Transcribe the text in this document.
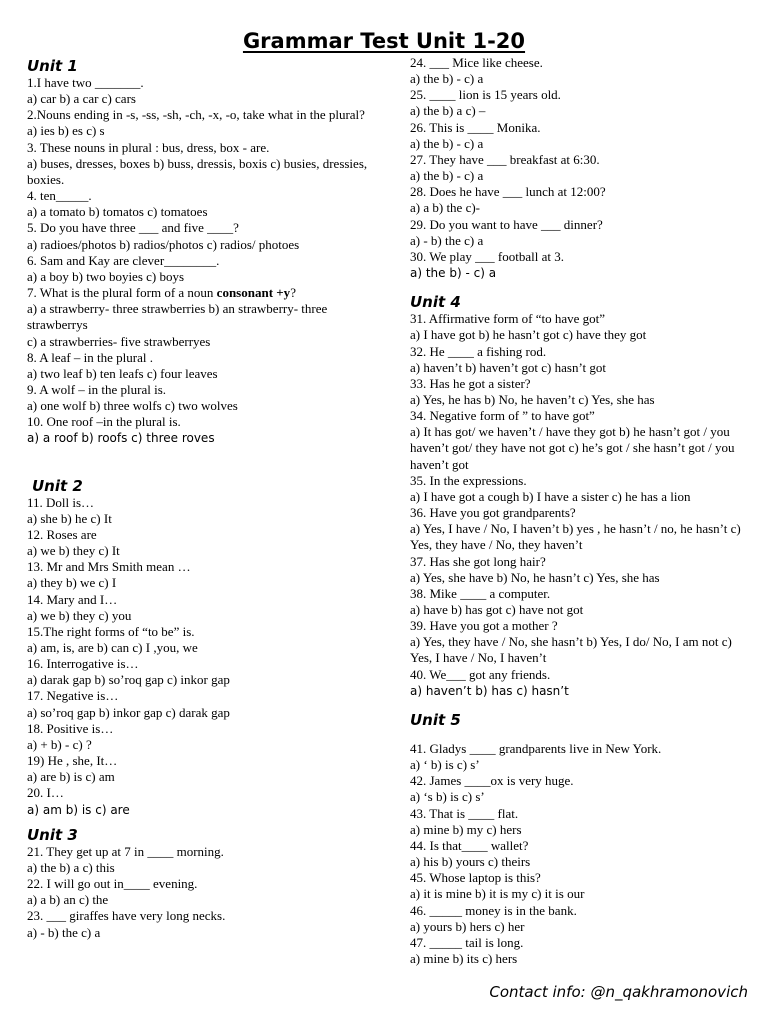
Grammar Test Unit 1-20

Unit 1

1.I have two _______.

a) car b) a car c) cars

2.Nouns ending in -s, -ss, -sh, -ch, -x, -o, take what in the plural?

a) ies b) es c) s

3. These nouns in plural : bus, dress, box - are.

a) buses, dresses, boxes b) buss, dressis, boxis c) busies, dressies, boxies.

4. ten_____.

a) a tomato b) tomatos c) tomatoes

5. Do you have three ___ and five ____?

a) radioes/photos b) radios/photos c) radios/ photoes

6. Sam and Kay are clever________.

a) a boy b) two boyies c) boys

7. What is the plural form of a noun consonant +y?

a) a strawberry- three strawberries b) an strawberry- three strawberrys

c) a strawberries- five strawberryes

8. A leaf – in the plural .

a) two leaf b) ten leafs c) four leaves

9. A wolf – in the plural is.

a) one wolf b) three wolfs c) two wolves

10. One roof –in the plural is.

a) a roof b) roofs c) three roves

Unit 2

11. Doll is…

a) she b) he c) It

12. Roses are

a) we b) they c) It

13. Mr and Mrs Smith mean …

a) they b) we c) I

14. Mary and I…

a) we b) they c) you

15.The right forms of “to be” is.

a) am, is, are b) can c) I ,you, we

16. Interrogative is…

a) darak gap b) so’roq gap c) inkor gap

17. Negative is…

a) so’roq gap b) inkor gap c) darak gap

18. Positive is…

a) + b) - c) ?

19) He , she, It…

a) are b) is c) am

20. I…

a) am b) is c) are

Unit 3

21. They get up at 7 in ____ morning.

a) the b) a c) this

22. I will go out in____ evening.

a) a b) an c) the

23. ___ giraffes have very long necks.

a) - b) the c) a

24. ___ Mice like cheese.

a) the b) - c) a

25. ____ lion is 15 years old.

a) the b) a c) –

26. This is ____ Monika.

a) the b) - c) a

27. They have ___ breakfast at 6:30.

a) the b) - c) a

28. Does he have ___ lunch at 12:00?

a) a b) the c)-

29. Do you want to have ___ dinner?

a) - b) the c) a

30. We play ___ football at 3.

a) the b) - c) a

Unit 4

31. Affirmative form of “to have got”

a) I have got b) he hasn’t got c) have they got

32. He ____ a fishing rod.

a) haven’t b) haven’t got c) hasn’t got

33. Has he got a sister?

a) Yes, he has b) No, he haven’t c) Yes, she has

34. Negative form of ” to have got”

a) It has got/ we haven’t / have they got b) he hasn’t got / you haven’t got/ they have not got c) he’s got / she hasn’t got / you haven’t got

35. In the expressions.

a) I have got a cough b) I have a sister c) he has a lion

36. Have you got grandparents?

a) Yes, I have / No, I haven’t b) yes , he hasn’t / no, he hasn’t c) Yes, they have / No, they haven’t

37. Has she got long hair?

a) Yes, she have b) No, he hasn’t c) Yes, she has

38. Mike ____ a computer.

a) have b) has got c) have not got

39. Have you got a mother ?

a) Yes, they have / No, she hasn’t b) Yes, I do/ No, I am not c) Yes, I have / No, I haven’t

40. We___ got any friends.

a) haven’t b) has c) hasn’t

Unit 5

41. Gladys ____ grandparents live in New York.

a) ‘ b) is c) s’

42. James ____ox is very huge.

a) ‘s b) is c) s’

43. That is ____ flat.

a) mine b) my c) hers

44. Is that____ wallet?

a) his b) yours c) theirs

45. Whose laptop is this?

a) it is mine b) it is my c) it is our

46. _____ money is in the bank.

a) yours b) hers c) her

47. _____ tail is long.

a) mine b) its c) hers

Contact info: @n_qakhramonovich
